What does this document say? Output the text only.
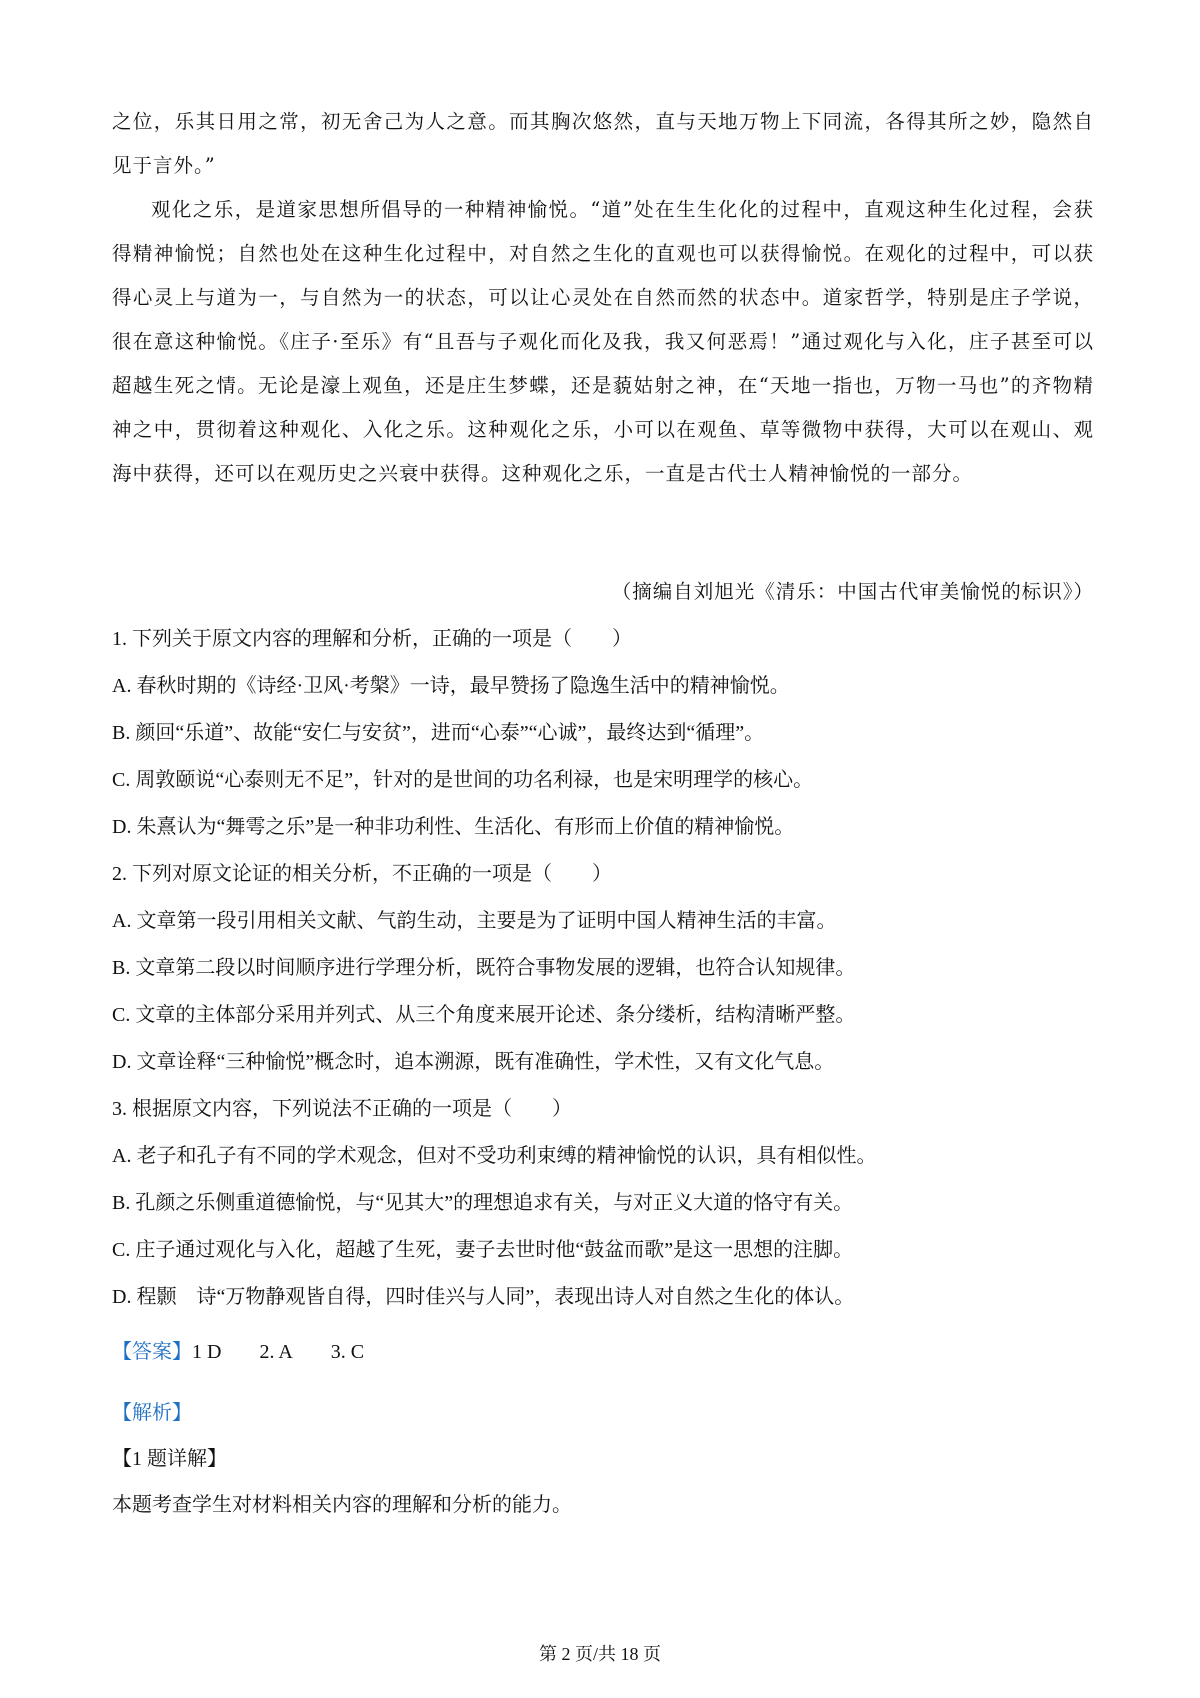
之位，乐其日用之常，初无舍己为人之意。而其胸次悠然，直与天地万物上下同流，各得其所之妙，隐然自见于言外。”

观化之乐，是道家思想所倡导的一种精神愉悦。“道”处在生生化化的过程中，直观这种生化过程，会获得精神愉悦；自然也处在这种生化过程中，对自然之生化的直观也可以获得愉悦。在观化的过程中，可以获得心灵上与道为一，与自然为一的状态，可以让心灵处在自然而然的状态中。道家哲学，特别是庄子学说，很在意这种愉悦。《庄子·至乐》有“且吾与子观化而化及我，我又何恶焉！”通过观化与入化，庄子甚至可以超越生死之情。无论是濠上观鱼，还是庄生梦蝶，还是藐姑射之神，在“天地一指也，万物一马也”的齐物精神之中，贯彻着这种观化、入化之乐。这种观化之乐，小可以在观鱼、草等微物中获得，大可以在观山、观海中获得，还可以在观历史之兴衰中获得。这种观化之乐，一直是古代士人精神愉悦的一部分。

（摘编自刘旭光《清乐：中国古代审美愉悦的标识》）
1. 下列关于原文内容的理解和分析，正确的一项是（　　）
A. 春秋时期的《诗经·卫风·考槃》一诗，最早赞扬了隐逸生活中的精神愉悦。
B. 颜回“乐道”、故能“安仁与安贫”，进而“心泰”“心诚”，最终达到“循理”。
C. 周敦颐说“心泰则无不足”，针对的是世间的功名利禄，也是宋明理学的核心。
D. 朱熹认为“舞雩之乐”是一种非功利性、生活化、有形而上价值的精神愉悦。
2. 下列对原文论证的相关分析，不正确的一项是（　　）
A. 文章第一段引用相关文献、气韵生动，主要是为了证明中国人精神生活的丰富。
B. 文章第二段以时间顺序进行学理分析，既符合事物发展的逻辑，也符合认知规律。
C. 文章的主体部分采用并列式、从三个角度来展开论述、条分缕析，结构清晰严整。
D. 文章诠释“三种愉悦”概念时，追本溯源，既有准确性，学术性，又有文化气息。
3. 根据原文内容，下列说法不正确的一项是（　　）
A. 老子和孔子有不同的学术观念，但对不受功利束缚的精神愉悦的认识，具有相似性。
B. 孔颜之乐侧重道德愉悦，与“见其大”的理想追求有关，与对正义大道的恪守有关。
C. 庄子通过观化与入化，超越了生死，妻子去世时他“鼓盆而歌”是这一思想的注脚。
D. 程颢　诗“万物静观皆自得，四时佳兴与人同”，表现出诗人对自然之生化的体认。
【答案】1 D 2. A 3. C
【解析】
【1 题详解】
本题考查学生对材料相关内容的理解和分析的能力。
第 2 页/共 18 页
